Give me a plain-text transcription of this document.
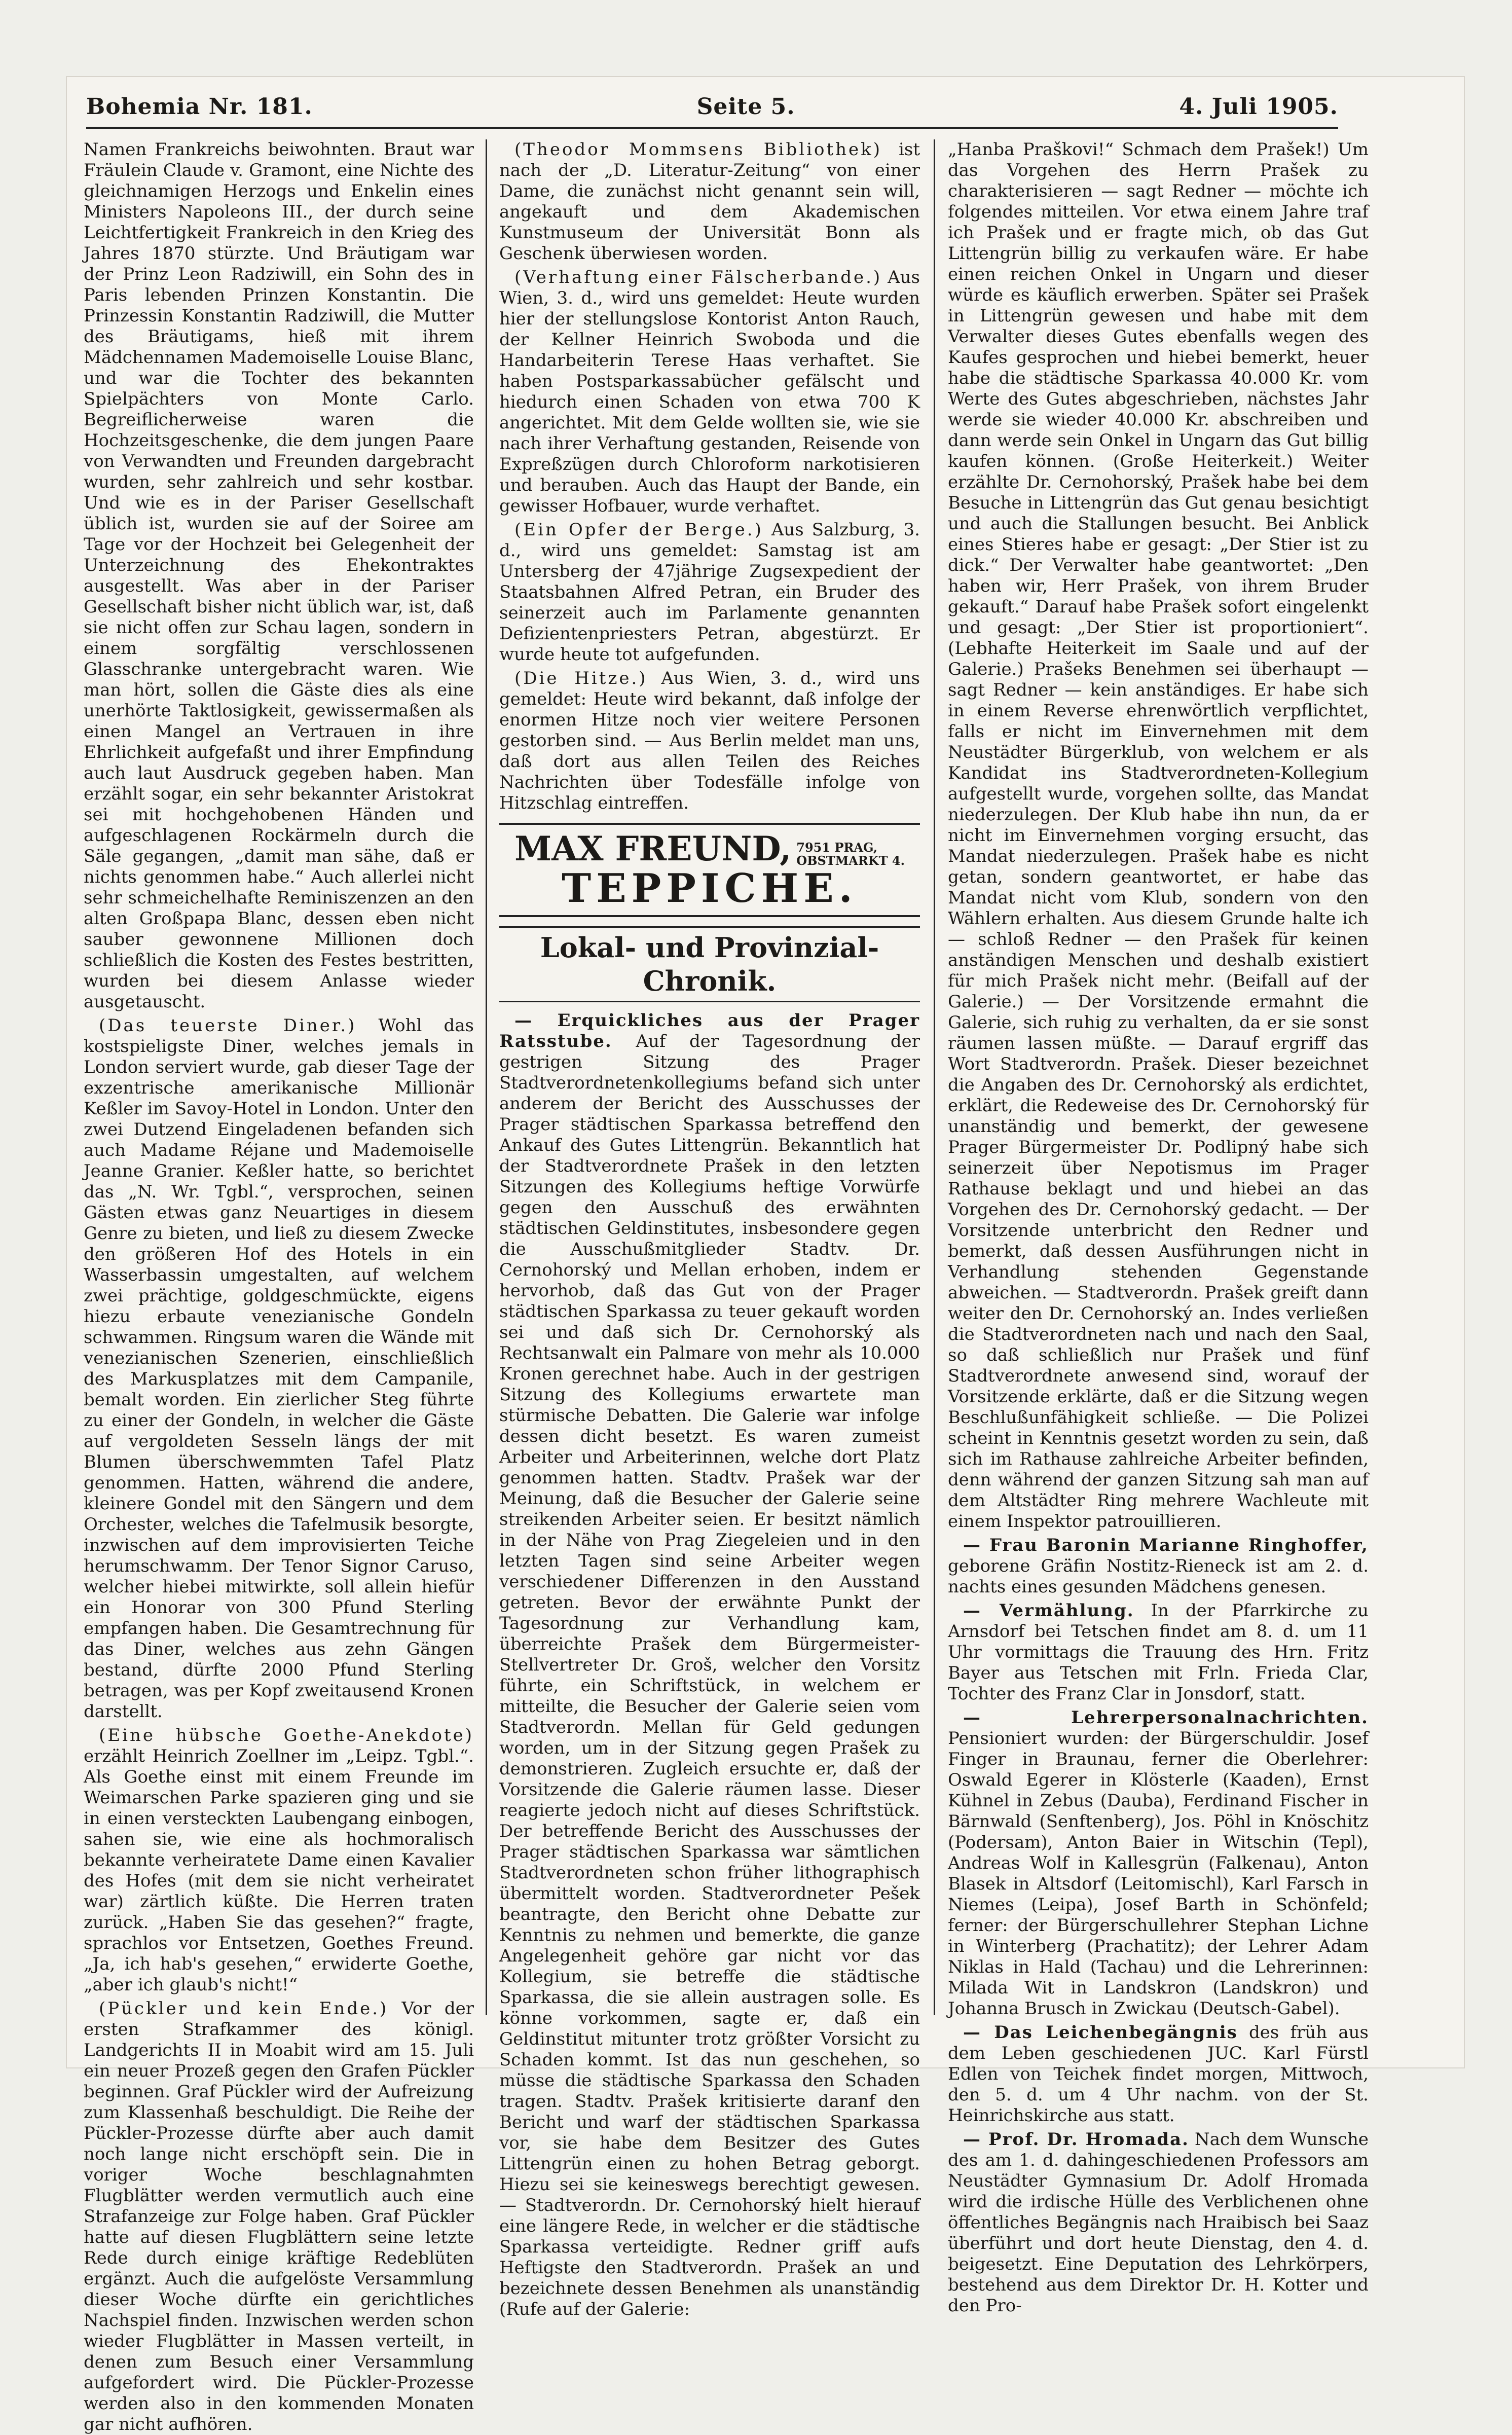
Bohemia Nr. 181.	Seite 5.	4. Juli 1905.

Namen Frankreichs beiwohnten. Braut war Fräulein Claude v. Gramont, eine Nichte des gleichnamigen Herzogs und Enkelin eines Ministers Napoleons III., der durch seine Leichtfertigkeit Frankreich in den Krieg des Jahres 1870 stürzte. Und Bräutigam war der Prinz Leon Radziwill, ein Sohn des in Paris lebenden Prinzen Konstantin. Die Prinzessin Konstantin Radziwill, die Mutter des Bräutigams, hieß mit ihrem Mädchennamen Mademoiselle Louise Blanc, und war die Tochter des bekannten Spielpächters von Monte Carlo. Begreiflicherweise waren die Hochzeitsgeschenke, die dem jungen Paare von Verwandten und Freunden dargebracht wurden, sehr zahlreich und sehr kostbar. Und wie es in der Pariser Gesellschaft üblich ist, wurden sie auf der Soiree am Tage vor der Hochzeit bei Gelegenheit der Unterzeichnung des Ehekontraktes ausgestellt. Was aber in der Pariser Gesellschaft bisher nicht üblich war, ist, daß sie nicht offen zur Schau lagen, sondern in einem sorgfältig verschlossenen Glasschranke untergebracht waren. Wie man hört, sollen die Gäste dies als eine unerhörte Taktlosigkeit, gewissermaßen als einen Mangel an Vertrauen in ihre Ehrlichkeit aufgefaßt und ihrer Empfindung auch laut Ausdruck gegeben haben. Man erzählt sogar, ein sehr bekannter Aristokrat sei mit hochgehobenen Händen und aufgeschlagenen Rockärmeln durch die Säle gegangen, „damit man sähe, daß er nichts genommen habe.“ Auch allerlei nicht sehr schmeichelhafte Reminiszenzen an den alten Großpapa Blanc, dessen eben nicht sauber gewonnene Millionen doch schließlich die Kosten des Festes bestritten, wurden bei diesem Anlasse wieder ausgetauscht.

(Das teuerste Diner.) Wohl das kostspieligste Diner, welches jemals in London serviert wurde, gab dieser Tage der exzentrische amerikanische Millionär Keßler im Savoy-Hotel in London. Unter den zwei Dutzend Eingeladenen befanden sich auch Madame Réjane und Mademoiselle Jeanne Granier. Keßler hatte, so berichtet das „N. Wr. Tgbl.“, versprochen, seinen Gästen etwas ganz Neuartiges in diesem Genre zu bieten, und ließ zu diesem Zwecke den größeren Hof des Hotels in ein Wasserbassin umgestalten, auf welchem zwei prächtige, goldgeschmückte, eigens hiezu erbaute venezianische Gondeln schwammen. Ringsum waren die Wände mit venezianischen Szenerien, einschließlich des Markusplatzes mit dem Campanile, bemalt worden. Ein zierlicher Steg führte zu einer der Gondeln, in welcher die Gäste auf vergoldeten Sesseln längs der mit Blumen überschwemmten Tafel Platz genommen. Hatten, während die andere, kleinere Gondel mit den Sängern und dem Orchester, welches die Tafelmusik besorgte, inzwischen auf dem improvisierten Teiche herumschwamm. Der Tenor Signor Caruso, welcher hiebei mitwirkte, soll allein hiefür ein Honorar von 300 Pfund Sterling empfangen haben. Die Gesamtrechnung für das Diner, welches aus zehn Gängen bestand, dürfte 2000 Pfund Sterling betragen, was per Kopf zweitausend Kronen darstellt.

(Eine hübsche Goethe-Anekdote) erzählt Heinrich Zoellner im „Leipz. Tgbl.“. Als Goethe einst mit einem Freunde im Weimarschen Parke spazieren ging und sie in einen versteckten Laubengang einbogen, sahen sie, wie eine als hochmoralisch bekannte verheiratete Dame einen Kavalier des Hofes (mit dem sie nicht verheiratet war) zärtlich küßte. Die Herren traten zurück. „Haben Sie das gesehen?“ fragte, sprachlos vor Entsetzen, Goethes Freund. „Ja, ich hab's gesehen,“ erwiderte Goethe, „aber ich glaub's nicht!“

(Pückler und kein Ende.) Vor der ersten Strafkammer des königl. Landgerichts II in Moabit wird am 15. Juli ein neuer Prozeß gegen den Grafen Pückler beginnen. Graf Pückler wird der Aufreizung zum Klassenhaß beschuldigt. Die Reihe der Pückler-Prozesse dürfte aber auch damit noch lange nicht erschöpft sein. Die in voriger Woche beschlagnahmten Flugblätter werden vermutlich auch eine Strafanzeige zur Folge haben. Graf Pückler hatte auf diesen Flugblättern seine letzte Rede durch einige kräftige Redeblüten ergänzt. Auch die aufgelöste Versammlung dieser Woche dürfte ein gerichtliches Nachspiel finden. Inzwischen werden schon wieder Flugblätter in Massen verteilt, in denen zum Besuch einer Versammlung aufgefordert wird. Die Pückler-Prozesse werden also in den kommenden Monaten gar nicht aufhören.

(Theodor Mommsens Bibliothek) ist nach der „D. Literatur-Zeitung“ von einer Dame, die zunächst nicht genannt sein will, angekauft und dem Akademischen Kunstmuseum der Universität Bonn als Geschenk überwiesen worden.

(Verhaftung einer Fälscherbande.) Aus Wien, 3. d., wird uns gemeldet: Heute wurden hier der stellungslose Kontorist Anton Rauch, der Kellner Heinrich Swoboda und die Handarbeiterin Terese Haas verhaftet. Sie haben Postsparkassabücher gefälscht und hiedurch einen Schaden von etwa 700 K angerichtet. Mit dem Gelde wollten sie, wie sie nach ihrer Verhaftung gestanden, Reisende von Expreßzügen durch Chloroform narkotisieren und berauben. Auch das Haupt der Bande, ein gewisser Hofbauer, wurde verhaftet.

(Ein Opfer der Berge.) Aus Salzburg, 3. d., wird uns gemeldet: Samstag ist am Untersberg der 47jährige Zugsexpedient der Staatsbahnen Alfred Petran, ein Bruder des seinerzeit auch im Parlamente genannten Defizientenpriesters Petran, abgestürzt. Er wurde heute tot aufgefunden.

(Die Hitze.) Aus Wien, 3. d., wird uns gemeldet: Heute wird bekannt, daß infolge der enormen Hitze noch vier weitere Personen gestorben sind. — Aus Berlin meldet man uns, daß dort aus allen Teilen des Reiches Nachrichten über Todesfälle infolge von Hitzschlag eintreffen.

MAX FREUND, 7951 PRAG,
OBSTMARKT 4.
TEPPICHE.
Lokal- und Provinzial-Chronik.

— Erquickliches aus der Prager Ratsstube. Auf der Tagesordnung der gestrigen Sitzung des Prager Stadtverordnetenkollegiums befand sich unter anderem der Bericht des Ausschusses der Prager städtischen Sparkassa betreffend den Ankauf des Gutes Littengrün. Bekanntlich hat der Stadtverordnete Prašek in den letzten Sitzungen des Kollegiums heftige Vorwürfe gegen den Ausschuß des erwähnten städtischen Geldinstitutes, insbesondere gegen die Ausschußmitglieder Stadtv. Dr. Cernohorský und Mellan erhoben, indem er hervorhob, daß das Gut von der Prager städtischen Sparkassa zu teuer gekauft worden sei und daß sich Dr. Cernohorský als Rechtsanwalt ein Palmare von mehr als 10.000 Kronen gerechnet habe. Auch in der gestrigen Sitzung des Kollegiums erwartete man stürmische Debatten. Die Galerie war infolge dessen dicht besetzt. Es waren zumeist Arbeiter und Arbeiterinnen, welche dort Platz genommen hatten. Stadtv. Prašek war der Meinung, daß die Besucher der Galerie seine streikenden Arbeiter seien. Er besitzt nämlich in der Nähe von Prag Ziegeleien und in den letzten Tagen sind seine Arbeiter wegen verschiedener Differenzen in den Ausstand getreten. Bevor der erwähnte Punkt der Tagesordnung zur Verhandlung kam, überreichte Prašek dem Bürgermeister-Stellvertreter Dr. Groš, welcher den Vorsitz führte, ein Schriftstück, in welchem er mitteilte, die Besucher der Galerie seien vom Stadtverordn. Mellan für Geld gedungen worden, um in der Sitzung gegen Prašek zu demonstrieren. Zugleich ersuchte er, daß der Vorsitzende die Galerie räumen lasse. Dieser reagierte jedoch nicht auf dieses Schriftstück. Der betreffende Bericht des Ausschusses der Prager städtischen Sparkassa war sämtlichen Stadtverordneten schon früher lithographisch übermittelt worden. Stadtverordneter Pešek beantragte, den Bericht ohne Debatte zur Kenntnis zu nehmen und bemerkte, die ganze Angelegenheit gehöre gar nicht vor das Kollegium, sie betreffe die städtische Sparkassa, die sie allein austragen solle. Es könne vorkommen, sagte er, daß ein Geldinstitut mitunter trotz größter Vorsicht zu Schaden kommt. Ist das nun geschehen, so müsse die städtische Sparkassa den Schaden tragen. Stadtv. Prašek kritisierte daranf den Bericht und warf der städtischen Sparkassa vor, sie habe dem Besitzer des Gutes Littengrün einen zu hohen Betrag geborgt. Hiezu sei sie keineswegs berechtigt gewesen. — Stadtverordn. Dr. Cernohorský hielt hierauf eine längere Rede, in welcher er die städtische Sparkassa verteidigte. Redner griff aufs Heftigste den Stadtverordn. Prašek an und bezeichnete dessen Benehmen als unanständig (Rufe auf der Galerie:

„Hanba Praškovi!“ Schmach dem Prašek!) Um das Vorgehen des Herrn Prašek zu charakterisieren — sagt Redner — möchte ich folgendes mitteilen. Vor etwa einem Jahre traf ich Prašek und er fragte mich, ob das Gut Littengrün billig zu verkaufen wäre. Er habe einen reichen Onkel in Ungarn und dieser würde es käuflich erwerben. Später sei Prašek in Littengrün gewesen und habe mit dem Verwalter dieses Gutes ebenfalls wegen des Kaufes gesprochen und hiebei bemerkt, heuer habe die städtische Sparkassa 40.000 Kr. vom Werte des Gutes abgeschrieben, nächstes Jahr werde sie wieder 40.000 Kr. abschreiben und dann werde sein Onkel in Ungarn das Gut billig kaufen können. (Große Heiterkeit.) Weiter erzählte Dr. Cernohorský, Prašek habe bei dem Besuche in Littengrün das Gut genau besichtigt und auch die Stallungen besucht. Bei Anblick eines Stieres habe er gesagt: „Der Stier ist zu dick.“ Der Verwalter habe geantwortet: „Den haben wir, Herr Prašek, von ihrem Bruder gekauft.“ Darauf habe Prašek sofort eingelenkt und gesagt: „Der Stier ist proportioniert“. (Lebhafte Heiterkeit im Saale und auf der Galerie.) Prašeks Benehmen sei überhaupt — sagt Redner — kein anständiges. Er habe sich in einem Reverse ehrenwörtlich verpflichtet, falls er nicht im Einvernehmen mit dem Neustädter Bürgerklub, von welchem er als Kandidat ins Stadtverordneten-Kollegium aufgestellt wurde, vorgehen sollte, das Mandat niederzulegen. Der Klub habe ihn nun, da er nicht im Einvernehmen vorging ersucht, das Mandat niederzulegen. Prašek habe es nicht getan, sondern geantwortet, er habe das Mandat nicht vom Klub, sondern von den Wählern erhalten. Aus diesem Grunde halte ich — schloß Redner — den Prašek für keinen anständigen Menschen und deshalb existiert für mich Prašek nicht mehr. (Beifall auf der Galerie.) — Der Vorsitzende ermahnt die Galerie, sich ruhig zu verhalten, da er sie sonst räumen lassen müßte. — Darauf ergriff das Wort Stadtverordn. Prašek. Dieser bezeichnet die Angaben des Dr. Cernohorský als erdichtet, erklärt, die Redeweise des Dr. Cernohorský für unanständig und bemerkt, der gewesene Prager Bürgermeister Dr. Podlipný habe sich seinerzeit über Nepotismus im Prager Rathause beklagt und und hiebei an das Vorgehen des Dr. Cernohorský gedacht. — Der Vorsitzende unterbricht den Redner und bemerkt, daß dessen Ausführungen nicht in Verhandlung stehenden Gegenstande abweichen. — Stadtverordn. Prašek greift dann weiter den Dr. Cernohorský an. Indes verließen die Stadtverordneten nach und nach den Saal, so daß schließlich nur Prašek und fünf Stadtverordnete anwesend sind, worauf der Vorsitzende erklärte, daß er die Sitzung wegen Beschlußunfähigkeit schließe. — Die Polizei scheint in Kenntnis gesetzt worden zu sein, daß sich im Rathause zahlreiche Arbeiter befinden, denn während der ganzen Sitzung sah man auf dem Altstädter Ring mehrere Wachleute mit einem Inspektor patrouillieren.

— Frau Baronin Marianne Ringhoffer, geborene Gräfin Nostitz-Rieneck ist am 2. d. nachts eines gesunden Mädchens genesen.

— Vermählung. In der Pfarrkirche zu Arnsdorf bei Tetschen findet am 8. d. um 11 Uhr vormittags die Trauung des Hrn. Fritz Bayer aus Tetschen mit Frln. Frieda Clar, Tochter des Franz Clar in Jonsdorf, statt.

— Lehrerpersonalnachrichten. Pensioniert wurden: der Bürgerschuldir. Josef Finger in Braunau, ferner die Oberlehrer: Oswald Egerer in Klösterle (Kaaden), Ernst Kühnel in Zebus (Dauba), Ferdinand Fischer in Bärnwald (Senftenberg), Jos. Pöhl in Knöschitz (Podersam), Anton Baier in Witschin (Tepl), Andreas Wolf in Kallesgrün (Falkenau), Anton Blasek in Altsdorf (Leitomischl), Karl Farsch in Niemes (Leipa), Josef Barth in Schönfeld; ferner: der Bürgerschullehrer Stephan Lichne in Winterberg (Prachatitz); der Lehrer Adam Niklas in Hald (Tachau) und die Lehrerinnen: Milada Wit in Landskron (Landskron) und Johanna Brusch in Zwickau (Deutsch-Gabel).

— Das Leichenbegängnis des früh aus dem Leben geschiedenen JUC. Karl Fürstl Edlen von Teichek findet morgen, Mittwoch, den 5. d. um 4 Uhr nachm. von der St. Heinrichskirche aus statt.

— Prof. Dr. Hromada. Nach dem Wunsche des am 1. d. dahingeschiedenen Professors am Neustädter Gymnasium Dr. Adolf Hromada wird die irdische Hülle des Verblichenen ohne öffentliches Begängnis nach Hraibisch bei Saaz überführt und dort heute Dienstag, den 4. d. beigesetzt. Eine Deputation des Lehrkörpers, bestehend aus dem Direktor Dr. H. Kotter und den Pro-
